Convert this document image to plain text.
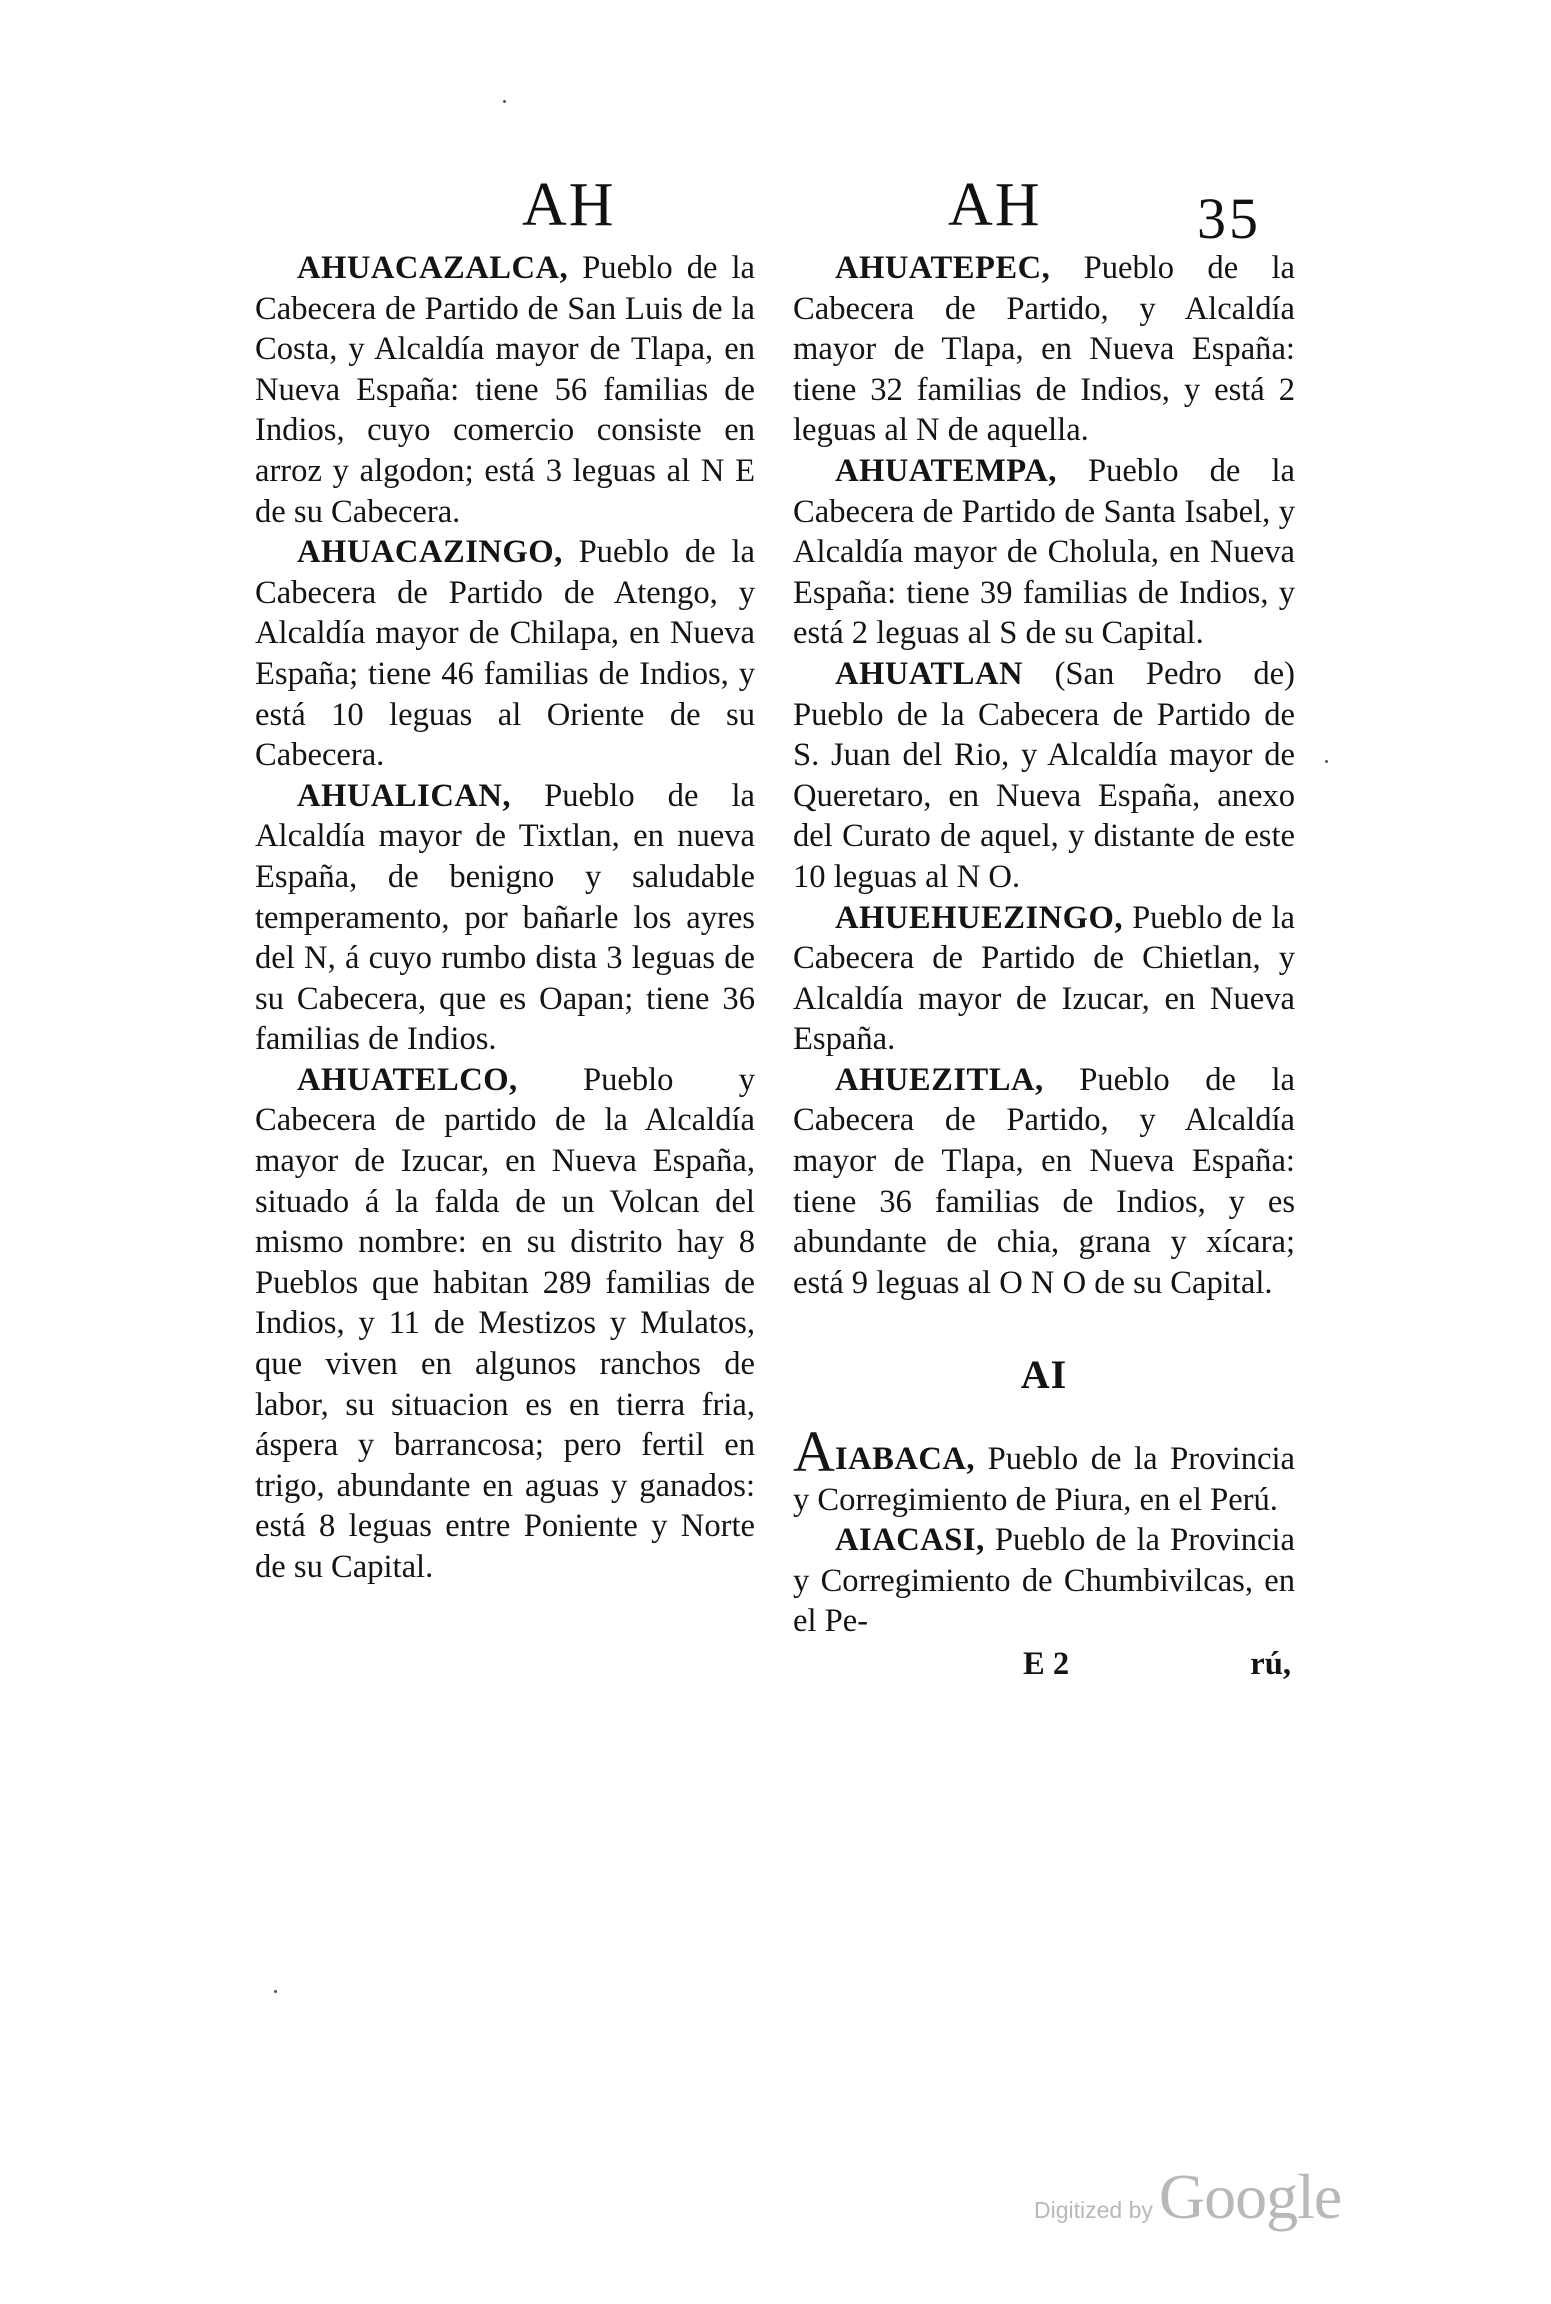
AH	AH	35

AHUACAZALCA, Pueblo de la Cabecera de Partido de San Luis de la Costa, y Alcaldía mayor de Tlapa, en Nueva España: tiene 56 familias de Indios, cuyo comercio consiste en arroz y algodon; está 3 leguas al N E de su Cabecera.

AHUACAZINGO, Pueblo de la Cabecera de Partido de Atengo, y Alcaldía mayor de Chilapa, en Nueva España; tiene 46 familias de Indios, y está 10 leguas al Oriente de su Cabecera.

AHUALICAN, Pueblo de la Alcaldía mayor de Tixtlan, en nueva España, de benigno y saludable temperamento, por bañarle los ayres del N, á cuyo rumbo dista 3 leguas de su Cabecera, que es Oapan; tiene 36 familias de Indios.

AHUATELCO, Pueblo y Cabecera de partido de la Alcaldía mayor de Izucar, en Nueva España, situado á la falda de un Volcan del mismo nombre: en su distrito hay 8 Pueblos que habitan 289 familias de Indios, y 11 de Mestizos y Mulatos, que viven en algunos ranchos de labor, su situacion es en tierra fria, áspera y barrancosa; pero fertil en trigo, abundante en aguas y ganados: está 8 leguas entre Poniente y Norte de su Capital.

AHUATEPEC, Pueblo de la Cabecera de Partido, y Alcaldía mayor de Tlapa, en Nueva España: tiene 32 familias de Indios, y está 2 leguas al N de aquella.

AHUATEMPA, Pueblo de la Cabecera de Partido de Santa Isabel, y Alcaldía mayor de Cholula, en Nueva España: tiene 39 familias de Indios, y está 2 leguas al S de su Capital.

AHUATLAN (San Pedro de) Pueblo de la Cabecera de Partido de S. Juan del Rio, y Alcaldía mayor de Queretaro, en Nueva España, anexo del Curato de aquel, y distante de este 10 leguas al N O.

AHUEHUEZINGO, Pueblo de la Cabecera de Partido de Chietlan, y Alcaldía mayor de Izucar, en Nueva España.

AHUEZITLA, Pueblo de la Cabecera de Partido, y Alcaldía mayor de Tlapa, en Nueva España: tiene 36 familias de Indios, y es abundante de chia, grana y xícara; está 9 leguas al O N O de su Capital.

AI

AIABACA, Pueblo de la Provincia y Corregimiento de Piura, en el Perú.

AIACASI, Pueblo de la Provincia y Corregimiento de Chumbivilcas, en el Pe-

E 2	rú,
Digitized by Google
